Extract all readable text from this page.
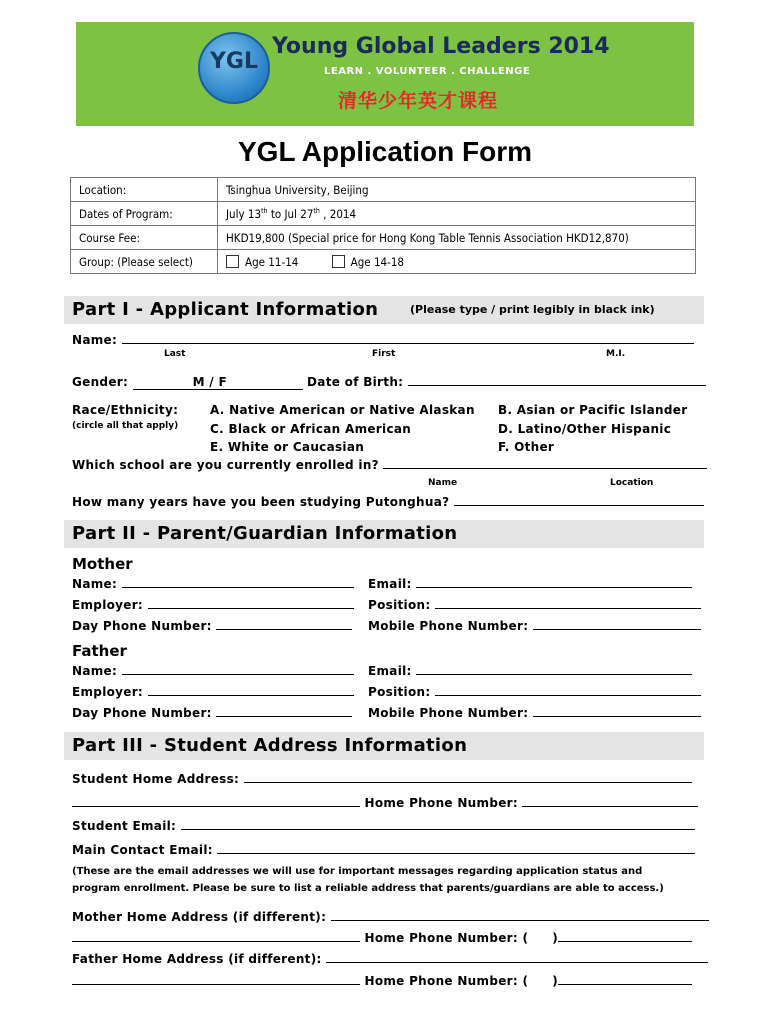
YGL
Young Global Leaders 2014
LEARN . VOLUNTEER . CHALLENGE
清华少年英才课程
YGL Application Form
Location:	Tsinghua University, Beijing
Dates of Program:	July 13th to Jul 27th , 2014
Course Fee:	HKD19,800 (Special price for Hong Kong Table Tennis Association HKD12,870)
Group: (Please select)	Age 11-14 Age 14-18
Part I - Applicant Information	(Please type / print legibly in black ink)
Name:
Last	First	M.I.
Gender:	M / F	Date of Birth:
Race/Ethnicity:
(circle all that apply)
A. Native American or Native Alaskan B. Asian or Pacific Islander
C. Black or African American	D. Latino/Other Hispanic
E. White or Caucasian	F. Other
Which school are you currently enrolled in?
Name	Location
How many years have you been studying Putonghua?
Part II - Parent/Guardian Information
Mother
Name:	Email:
Employer:	Position:
Day Phone Number:	Mobile Phone Number:
Father
Name:	Email:
Employer:	Position:
Day Phone Number:	Mobile Phone Number:
Part III - Student Address Information
Student Home Address:
Home Phone Number:
Student Email:
Main Contact Email:
(These are the email addresses we will use for important messages regarding application status and
program enrollment. Please be sure to list a reliable address that parents/guardians are able to access.)
Mother Home Address (if different):
Home Phone Number: ( )
Father Home Address (if different):
Home Phone Number: ( )
